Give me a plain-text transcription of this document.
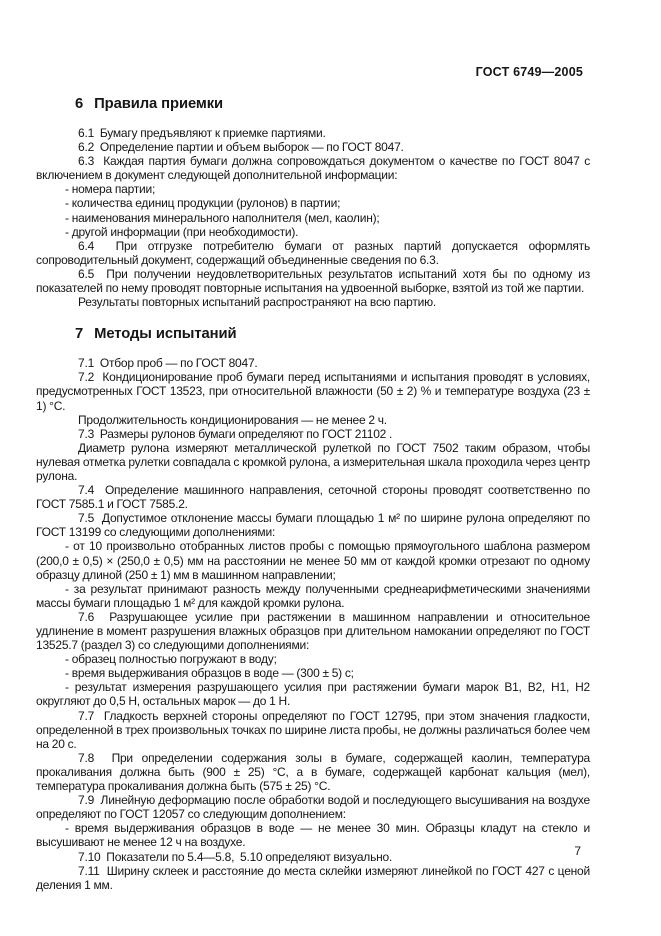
ГОСТ 6749—2005
6 Правила приемки

6.1  Бумагу предъявляют к приемке партиями.

6.2  Определение партии и объем выборок — по ГОСТ 8047.

6.3  Каждая партия бумаги должна сопровождаться документом о качестве по ГОСТ 8047 с включением в документ следующей дополнительной информации:

- номера партии;

- количества единиц продукции (рулонов) в партии;

- наименования минерального наполнителя (мел, каолин);

- другой информации (при необходимости).

6.4  При отгрузке потребителю бумаги от разных партий допускается оформлять сопроводительный документ, содержащий объединенные сведения по 6.3.

6.5  При получении неудовлетворительных результатов испытаний хотя бы по одному из показателей по нему проводят повторные испытания на удвоенной выборке, взятой из той же партии.

Результаты повторных испытаний распространяют на всю партию.

7 Методы испытаний

7.1  Отбор проб — по ГОСТ 8047.

7.2  Кондиционирование проб бумаги перед испытаниями и испытания проводят в условиях, предусмотренных ГОСТ 13523, при относительной влажности (50 ± 2) % и температуре воздуха (23 ± 1) °С.

Продолжительность кондиционирования — не менее 2 ч.

7.3  Размеры рулонов бумаги определяют по ГОСТ 21102 .

Диаметр рулона измеряют металлической рулеткой по ГОСТ 7502 таким образом, чтобы нулевая отметка рулетки совпадала с кромкой рулона, а измерительная шкала проходила через центр рулона.

7.4  Определение машинного направления, сеточной стороны проводят соответственно по ГОСТ 7585.1 и ГОСТ 7585.2.

7.5  Допустимое отклонение массы бумаги площадью 1 м² по ширине рулона определяют по ГОСТ 13199 со следующими дополнениями:

- от 10 произвольно отобранных листов пробы с помощью прямоугольного шаблона размером (200,0 ± 0,5) × (250,0 ± 0,5) мм на расстоянии не менее 50 мм от каждой кромки отрезают по одному образцу длиной (250 ± 1) мм в машинном направлении;

- за результат принимают разность между полученными среднеарифметическими значениями массы бумаги площадью 1 м² для каждой кромки рулона.

7.6  Разрушающее усилие при растяжении в машинном направлении и относительное удлинение в момент разрушения влажных образцов при длительном намокании определяют по ГОСТ 13525.7 (раздел 3) со следующими дополнениями:

- образец полностью погружают в воду;

- время выдерживания образцов в воде — (300 ± 5) с;

- результат измерения разрушающего усилия при растяжении бумаги марок В1, В2, Н1, Н2 округляют до 0,5 Н, остальных марок — до 1 Н.

7.7  Гладкость верхней стороны определяют по ГОСТ 12795, при этом значения гладкости, определенной в трех произвольных точках по ширине листа пробы, не должны различаться более чем на 20 с.

7.8  При определении содержания золы в бумаге, содержащей каолин, температура прокаливания должна быть (900 ± 25) °С, а в бумаге, содержащей карбонат кальция (мел), температура прокаливания должна быть (575 ± 25) °С.

7.9  Линейную деформацию после обработки водой и последующего высушивания на воздухе определяют по ГОСТ 12057 со следующим дополнением:

- время выдерживания образцов в воде — не менее 30 мин. Образцы кладут на стекло и высушивают не менее 12 ч на воздухе.

7.10  Показатели по 5.4—5.8,  5.10 определяют визуально.

7.11  Ширину склеек и расстояние до места склейки измеряют линейкой по ГОСТ 427 с ценой деления 1 мм.

7
